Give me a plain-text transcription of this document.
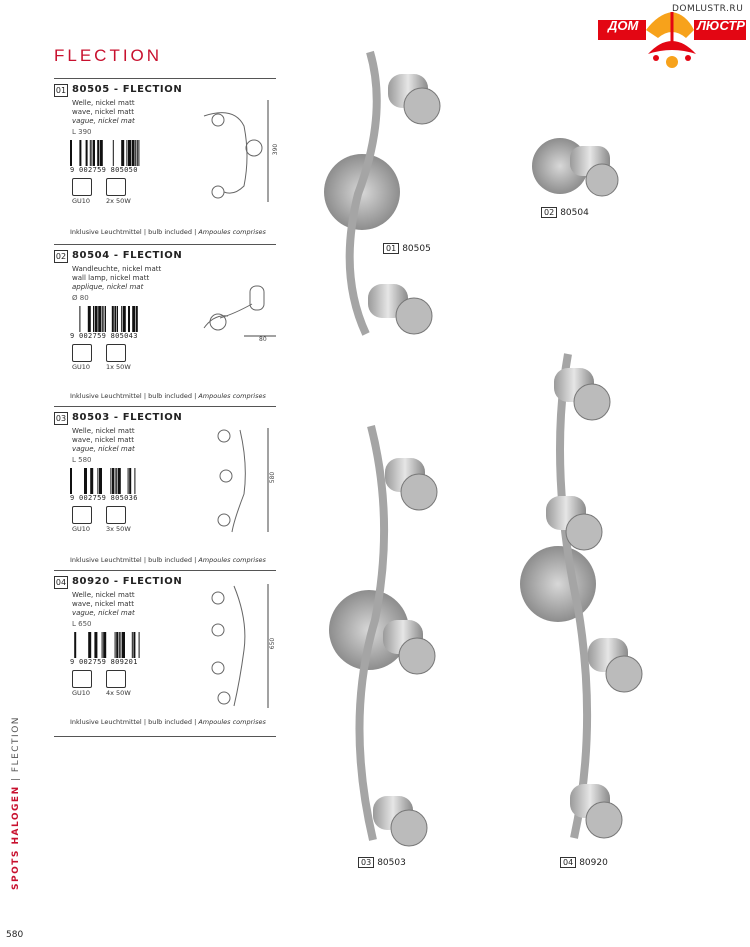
DOMLUSTR.RU
ДОМ	ЛЮСТР
FLECTION
01 80505 - FLECTION
Welle, nickel matt
wave, nickel matt
vague, nickel mat
L 390
9 002759 805050
GU10 2x 50W
Inklusive Leuchtmittel | bulb included | Ampoules comprises
390
02 80504 - FLECTION
Wandleuchte, nickel matt
wall lamp, nickel matt
applique, nickel mat
Ø 80
9 002759 805043
GU10 1x 50W
Inklusive Leuchtmittel | bulb included | Ampoules comprises
80
03 80503 - FLECTION
Welle, nickel matt
wave, nickel matt
vague, nickel mat
L 580
9 002759 805036
GU10 3x 50W
Inklusive Leuchtmittel | bulb included | Ampoules comprises
580
04 80920 - FLECTION
Welle, nickel matt
wave, nickel matt
vague, nickel mat
L 650
9 002759 809201
GU10 4x 50W
Inklusive Leuchtmittel | bulb included | Ampoules comprises
650
01 80505
02 80504
03 80503	04 80920
SPOTS HALOGEN | FLECTION
580
